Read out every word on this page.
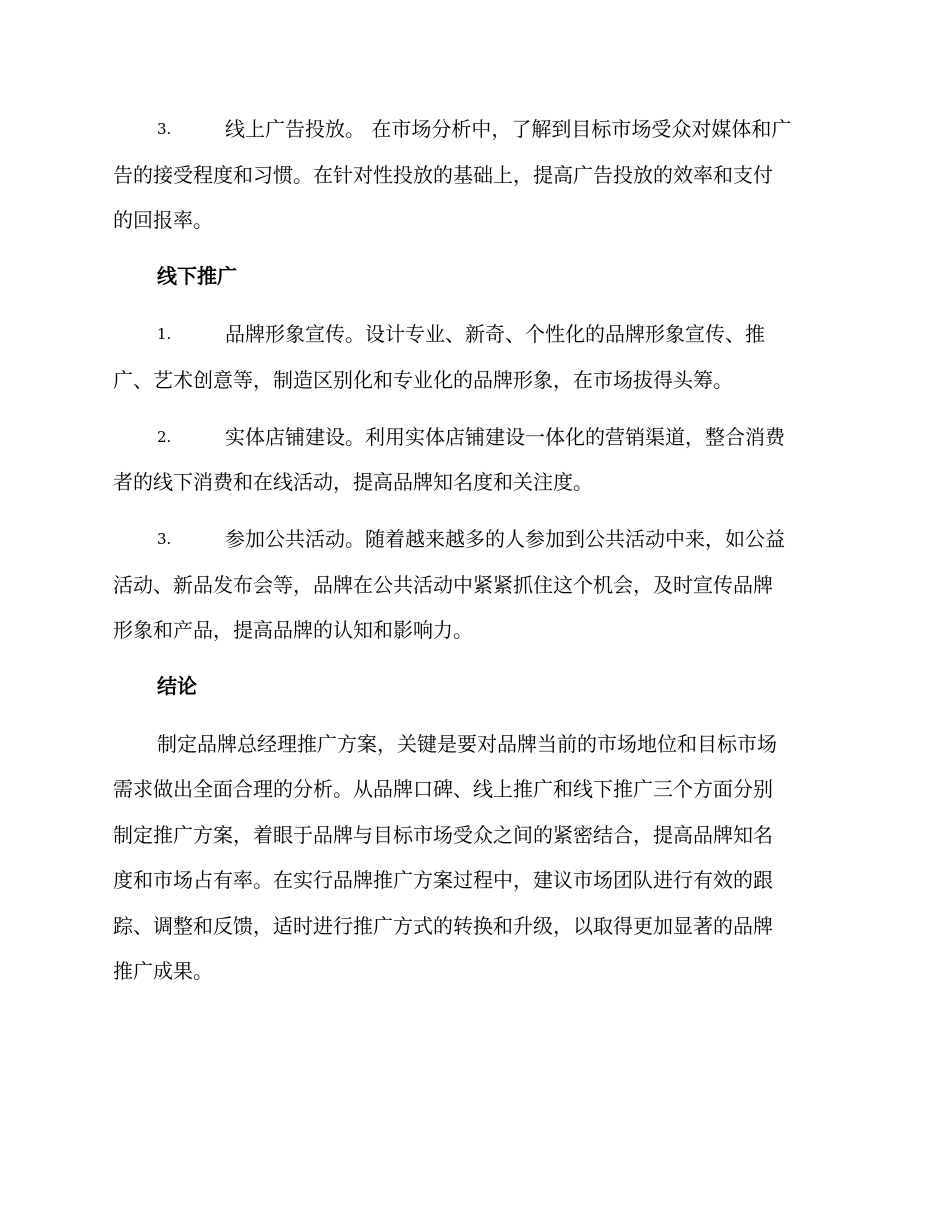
3.	线上广告投放。 在市场分析中，了解到目标市场受众对媒体和广
告的接受程度和习惯。在针对性投放的基础上，提高广告投放的效率和支付
的回报率。
线下推广
1.	品牌形象宣传。设计专业、新奇、个性化的品牌形象宣传、推
广、艺术创意等，制造区别化和专业化的品牌形象，在市场拔得头筹。
2.	实体店铺建设。利用实体店铺建设一体化的营销渠道，整合消费
者的线下消费和在线活动，提高品牌知名度和关注度。
3.	参加公共活动。随着越来越多的人参加到公共活动中来，如公益
活动、新品发布会等，品牌在公共活动中紧紧抓住这个机会，及时宣传品牌
形象和产品，提高品牌的认知和影响力。
结论
制定品牌总经理推广方案，关键是要对品牌当前的市场地位和目标市场
需求做出全面合理的分析。从品牌口碑、线上推广和线下推广三个方面分别
制定推广方案，着眼于品牌与目标市场受众之间的紧密结合，提高品牌知名
度和市场占有率。在实行品牌推广方案过程中，建议市场团队进行有效的跟
踪、调整和反馈，适时进行推广方式的转换和升级，以取得更加显著的品牌
推广成果。
